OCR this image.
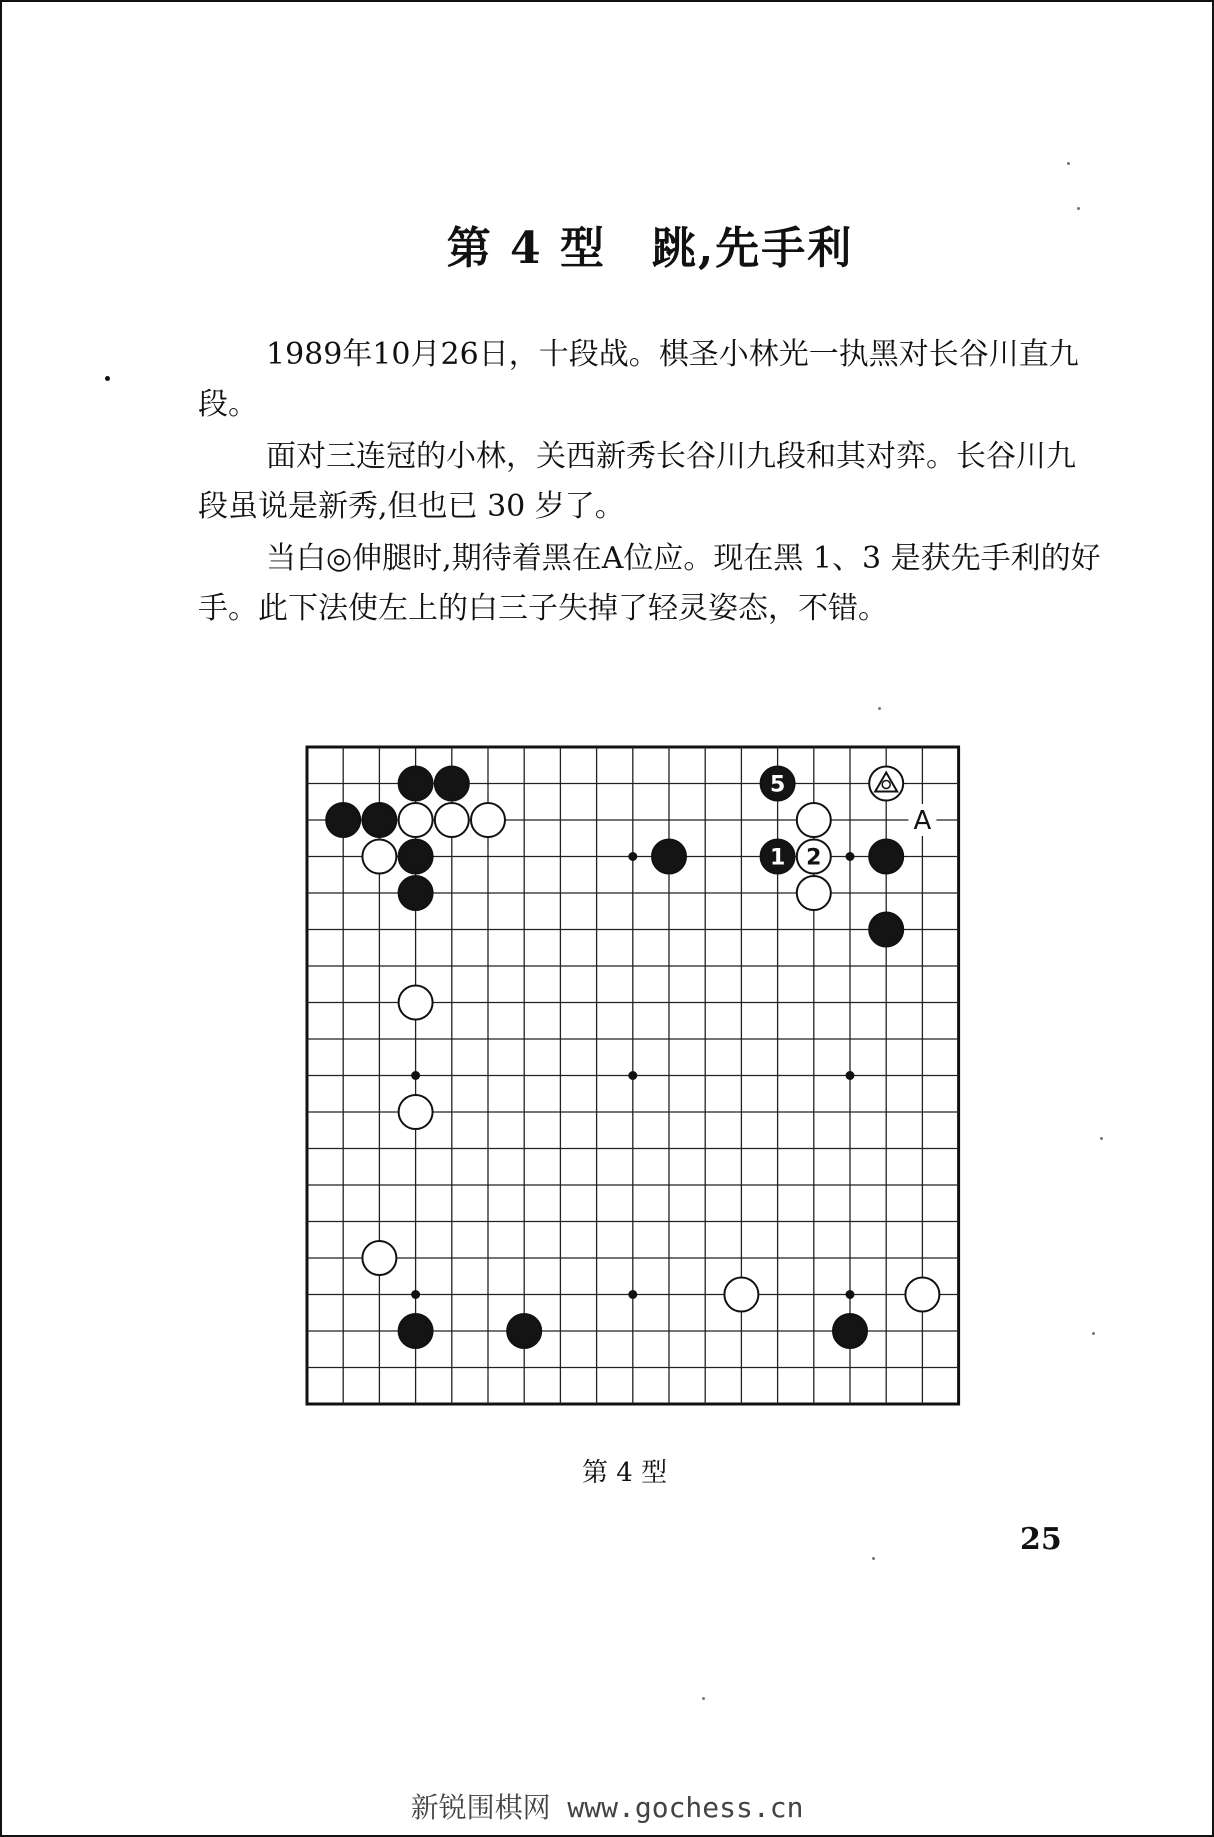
第 4 型　跳,先手利

1989年10月26日，十段战。棋圣小林光一执黑对长谷川直九段。

面对三连冠的小林，关西新秀长谷川九段和其对弈。长谷川九段虽说是新秀,但也已 30 岁了。

当白◎伸腿时,期待着黑在A位应。现在黑 1、3 是获先手利的好手。此下法使左上的白三子失掉了轻灵姿态，不错。

A
5
1 2
第 4 型
25
新锐围棋网 www.gochess.cn
